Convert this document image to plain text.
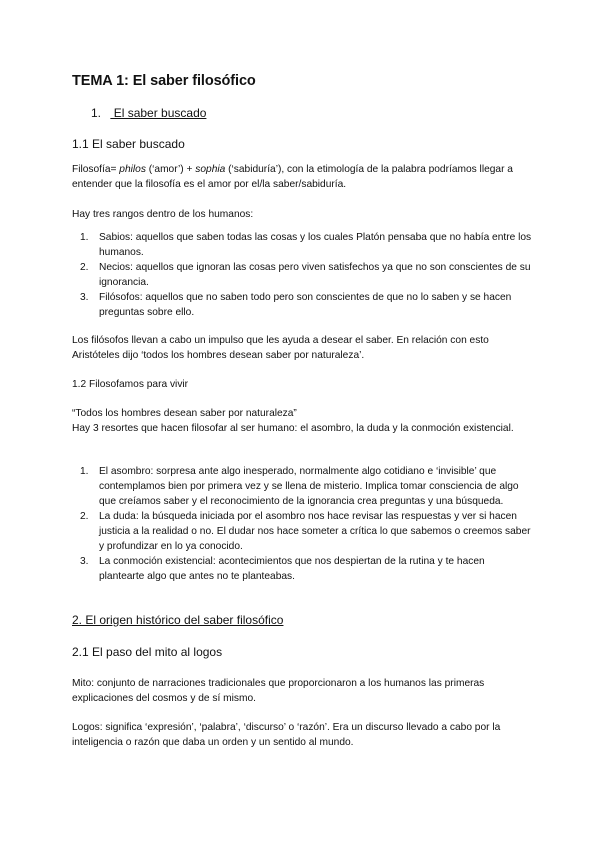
TEMA 1: El saber filosófico
1.  El saber buscado
1.1 El saber buscado

Filosofía= philos (‘amor’) + sophia (‘sabiduría’), con la etimología de la palabra podríamos llegar a entender que la filosofía es el amor por el/la saber/sabiduría.

Hay tres rangos dentro de los humanos:

1. Sabios: aquellos que saben todas las cosas y los cuales Platón pensaba que no había entre los humanos.
2. Necios: aquellos que ignoran las cosas pero viven satisfechos ya que no son conscientes de su ignorancia.
3. Filósofos: aquellos que no saben todo pero son conscientes de que no lo saben y se hacen preguntas sobre ello.

Los filósofos llevan a cabo un impulso que les ayuda a desear el saber. En relación con esto Aristóteles dijo ‘todos los hombres desean saber por naturaleza’.

1.2 Filosofamos para vivir

“Todos los hombres desean saber por naturaleza”

Hay 3 resortes que hacen filosofar al ser humano: el asombro, la duda y la conmoción existencial.

1. El asombro: sorpresa ante algo inesperado, normalmente algo cotidiano e ‘invisible’ que contemplamos bien por primera vez y se llena de misterio. Implica tomar consciencia de algo que creíamos saber y el reconocimiento de la ignorancia crea preguntas y una búsqueda.
2. La duda: la búsqueda iniciada por el asombro nos hace revisar las respuestas y ver si hacen justicia a la realidad o no. El dudar nos hace someter a crítica lo que sabemos o creemos saber y profundizar en lo ya conocido.
3. La conmoción existencial: acontecimientos que nos despiertan de la rutina y te hacen plantearte algo que antes no te planteabas.
2. El origen histórico del saber filosófico
2.1 El paso del mito al logos

Mito: conjunto de narraciones tradicionales que proporcionaron a los humanos las primeras explicaciones del cosmos y de sí mismo.

Logos: significa ‘expresión’, ‘palabra’, ‘discurso’ o ‘razón’. Era un discurso llevado a cabo por la inteligencia o razón que daba un orden y un sentido al mundo.
